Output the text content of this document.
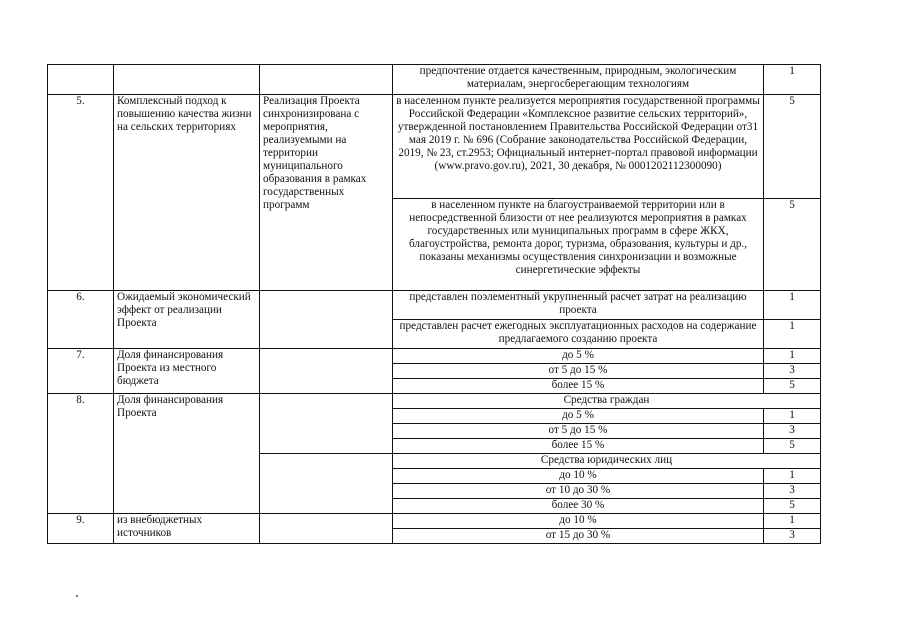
			предпочтение отдается качественным, природным, экологическим материалам, энергосберегающим технологиям	1
5.	Комплексный подход к повышению качества жизни на сельских территориях	Реализация Проекта синхронизирована с мероприятия, реализуемыми на территории муниципального образования в рамках государственных программ	в населенном пункте реализуется мероприятия государственной программы Российской Федерации «Комплексное развитие сельских территорий», утвержденной постановлением Правительства Российской Федерации от31 мая 2019 г. № 696 (Собрание законодательства Российской Федерации, 2019, № 23, ст.2953; Официальный интернет-портал правовой информации (www.pravo.gov.ru), 2021, 30 декабря, № 0001202112300090)	5
			в населенном пункте на благоустраиваемой территории или в непосредственной близости от нее реализуются мероприятия в рамках государственных или муниципальных программ в сфере ЖКХ, благоустройства, ремонта дорог, туризма, образования, культуры и др., показаны механизмы осуществления синхронизации и возможные синергетические эффекты	5
6.	Ожидаемый экономический эффект от реализации Проекта		представлен поэлементный укрупненный расчет затрат на реализацию проекта	1
			представлен расчет ежегодных эксплуатационных расходов на содержание предлагаемого созданию проекта	1
7.	Доля финансирования Проекта из местного бюджета		до 5 %	1
			от 5 до 15 %	3
			более 15 %	5
8.	Доля финансирования Проекта		Средства граждан	
			до 5 %	1
			от 5 до 15 %	3
			более 15 %	5
			Средства юридических лиц	
			до 10 %	1
			от 10 до 30 %	3
			более 30 %	5
9.	из внебюджетных источников		до 10 %	1
			от 15 до 30 %	3
